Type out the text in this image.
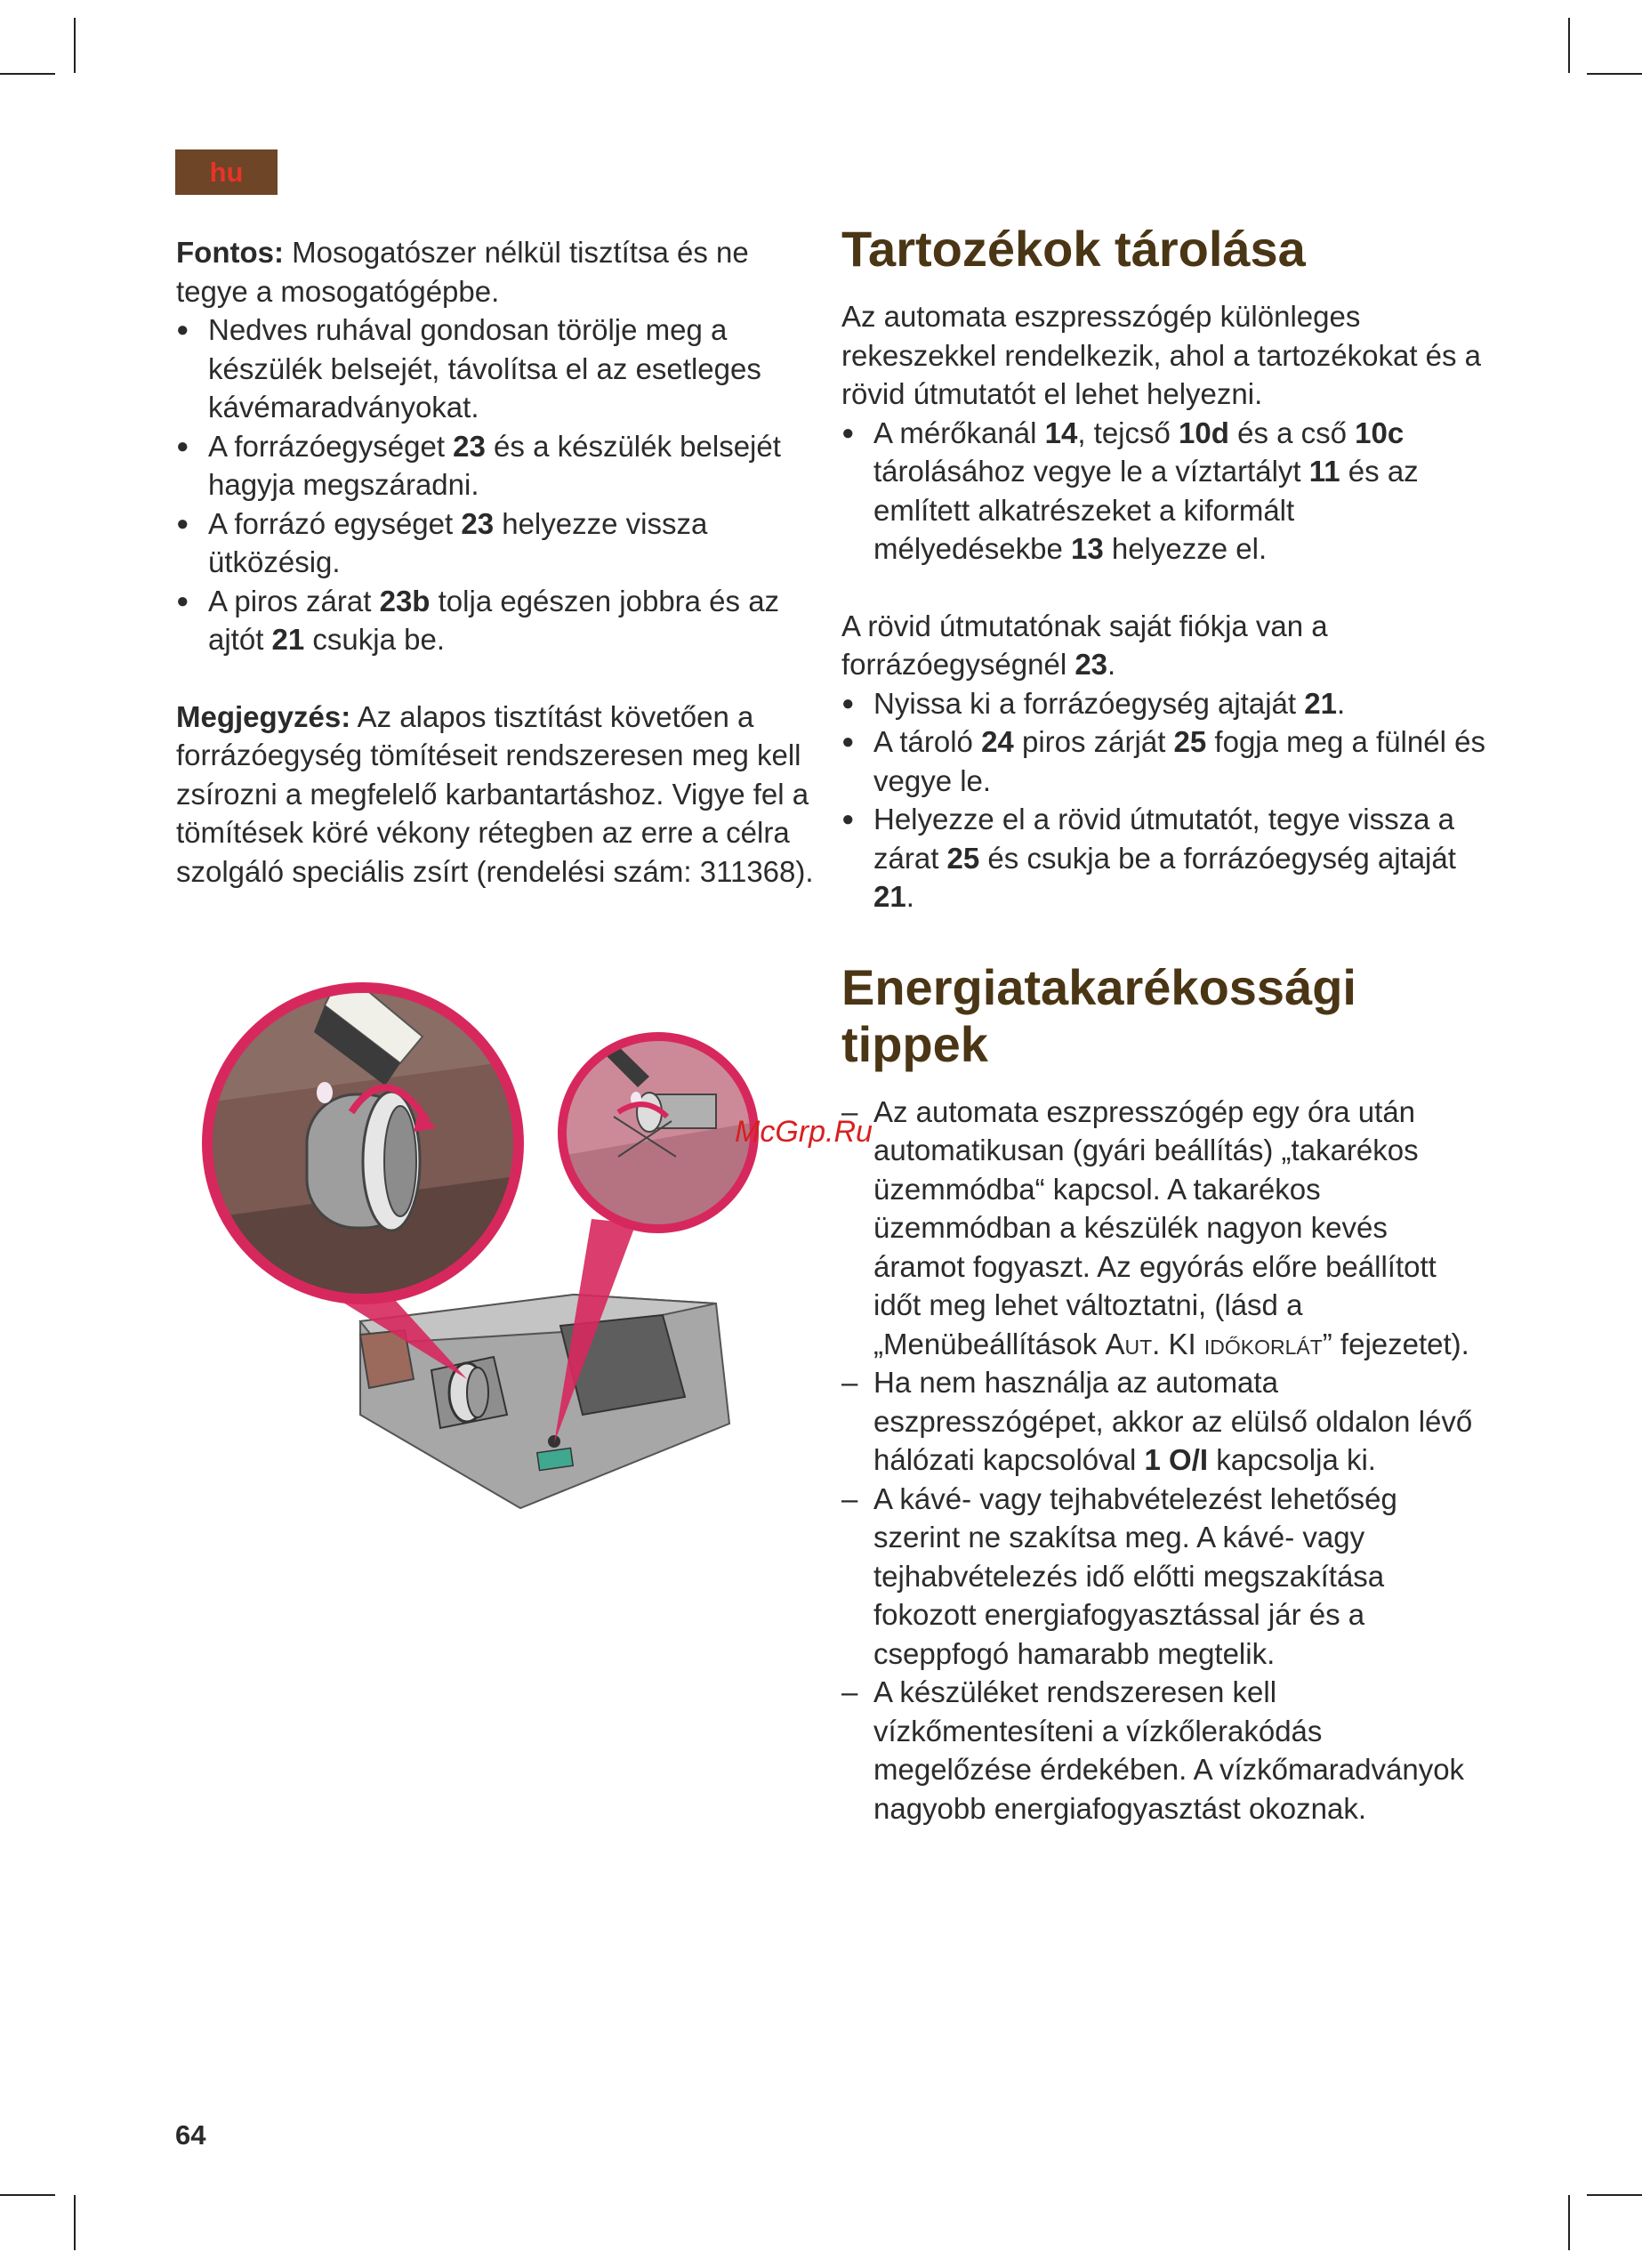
hu

Fontos: Mosogatószer nélkül tisztítsa és ne tegye a mosogatógépbe.

● Nedves ruhával gondosan törölje meg a készülék belsejét, távolítsa el az esetleges kávémaradványokat.
● A forrázóegységet 23 és a készülék belsejét hagyja megszáradni.
● A forrázó egységet 23 helyezze vissza ütközésig.
● A piros zárat 23b tolja egészen jobbra és az ajtót 21 csukja be.

Megjegyzés: Az alapos tisztítást követően a forrázóegység tömítéseit rendszeresen meg kell zsírozni a megfelelő karbantartáshoz. Vigye fel a tömítések köré vékony rétegben az erre a célra szolgáló speciális zsírt (rendelési szám: 311368).

Tartozékok tárolása

Az automata eszpresszógép különleges rekeszekkel rendelkezik, ahol a tartozékokat és a rövid útmutatót el lehet helyezni.

● A mérőkanál 14, tejcső 10d és a cső 10c tárolásához vegye le a víztartályt 11 és az említett alkatrészeket a kiformált mélyedésekbe 13 helyezze el.

A rövid útmutatónak saját fiókja van a forrázóegységnél 23.

● Nyissa ki a forrázóegység ajtaját 21.
● A tároló 24 piros zárját 25 fogja meg a fülnél és vegye le.
● Helyezze el a rövid útmutatót, tegye vissza a zárat 25 és csukja be a forrázóegység ajtaját 21.
Energiatakarékossági tippek
– Az automata eszpresszógép egy óra után automatikusan (gyári beállítás) „takarékos üzemmódba“ kapcsol. A takarékos üzemmódban a készülék nagyon kevés áramot fogyaszt. Az egyórás előre beállított időt meg lehet változtatni, (lásd a „Menübeállítások Aut. KI időkorlát” fejezetet).
– Ha nem használja az automata eszpresszógépet, akkor az elülső oldalon lévő hálózati kapcsolóval 1 O/I kapcsolja ki.
– A kávé- vagy tejhabvételezést lehetőség szerint ne szakítsa meg. A kávé- vagy tejhabvételezés idő előtti megszakítása fokozott energiafogyasztással jár és a cseppfogó hamarabb megtelik.
– A készüléket rendszeresen kell vízkőmentesíteni a vízkőlerakódás megelőzése érdekében. A vízkőmaradványok nagyobb energiafogyasztást okoznak.
McGrp.Ru
64
